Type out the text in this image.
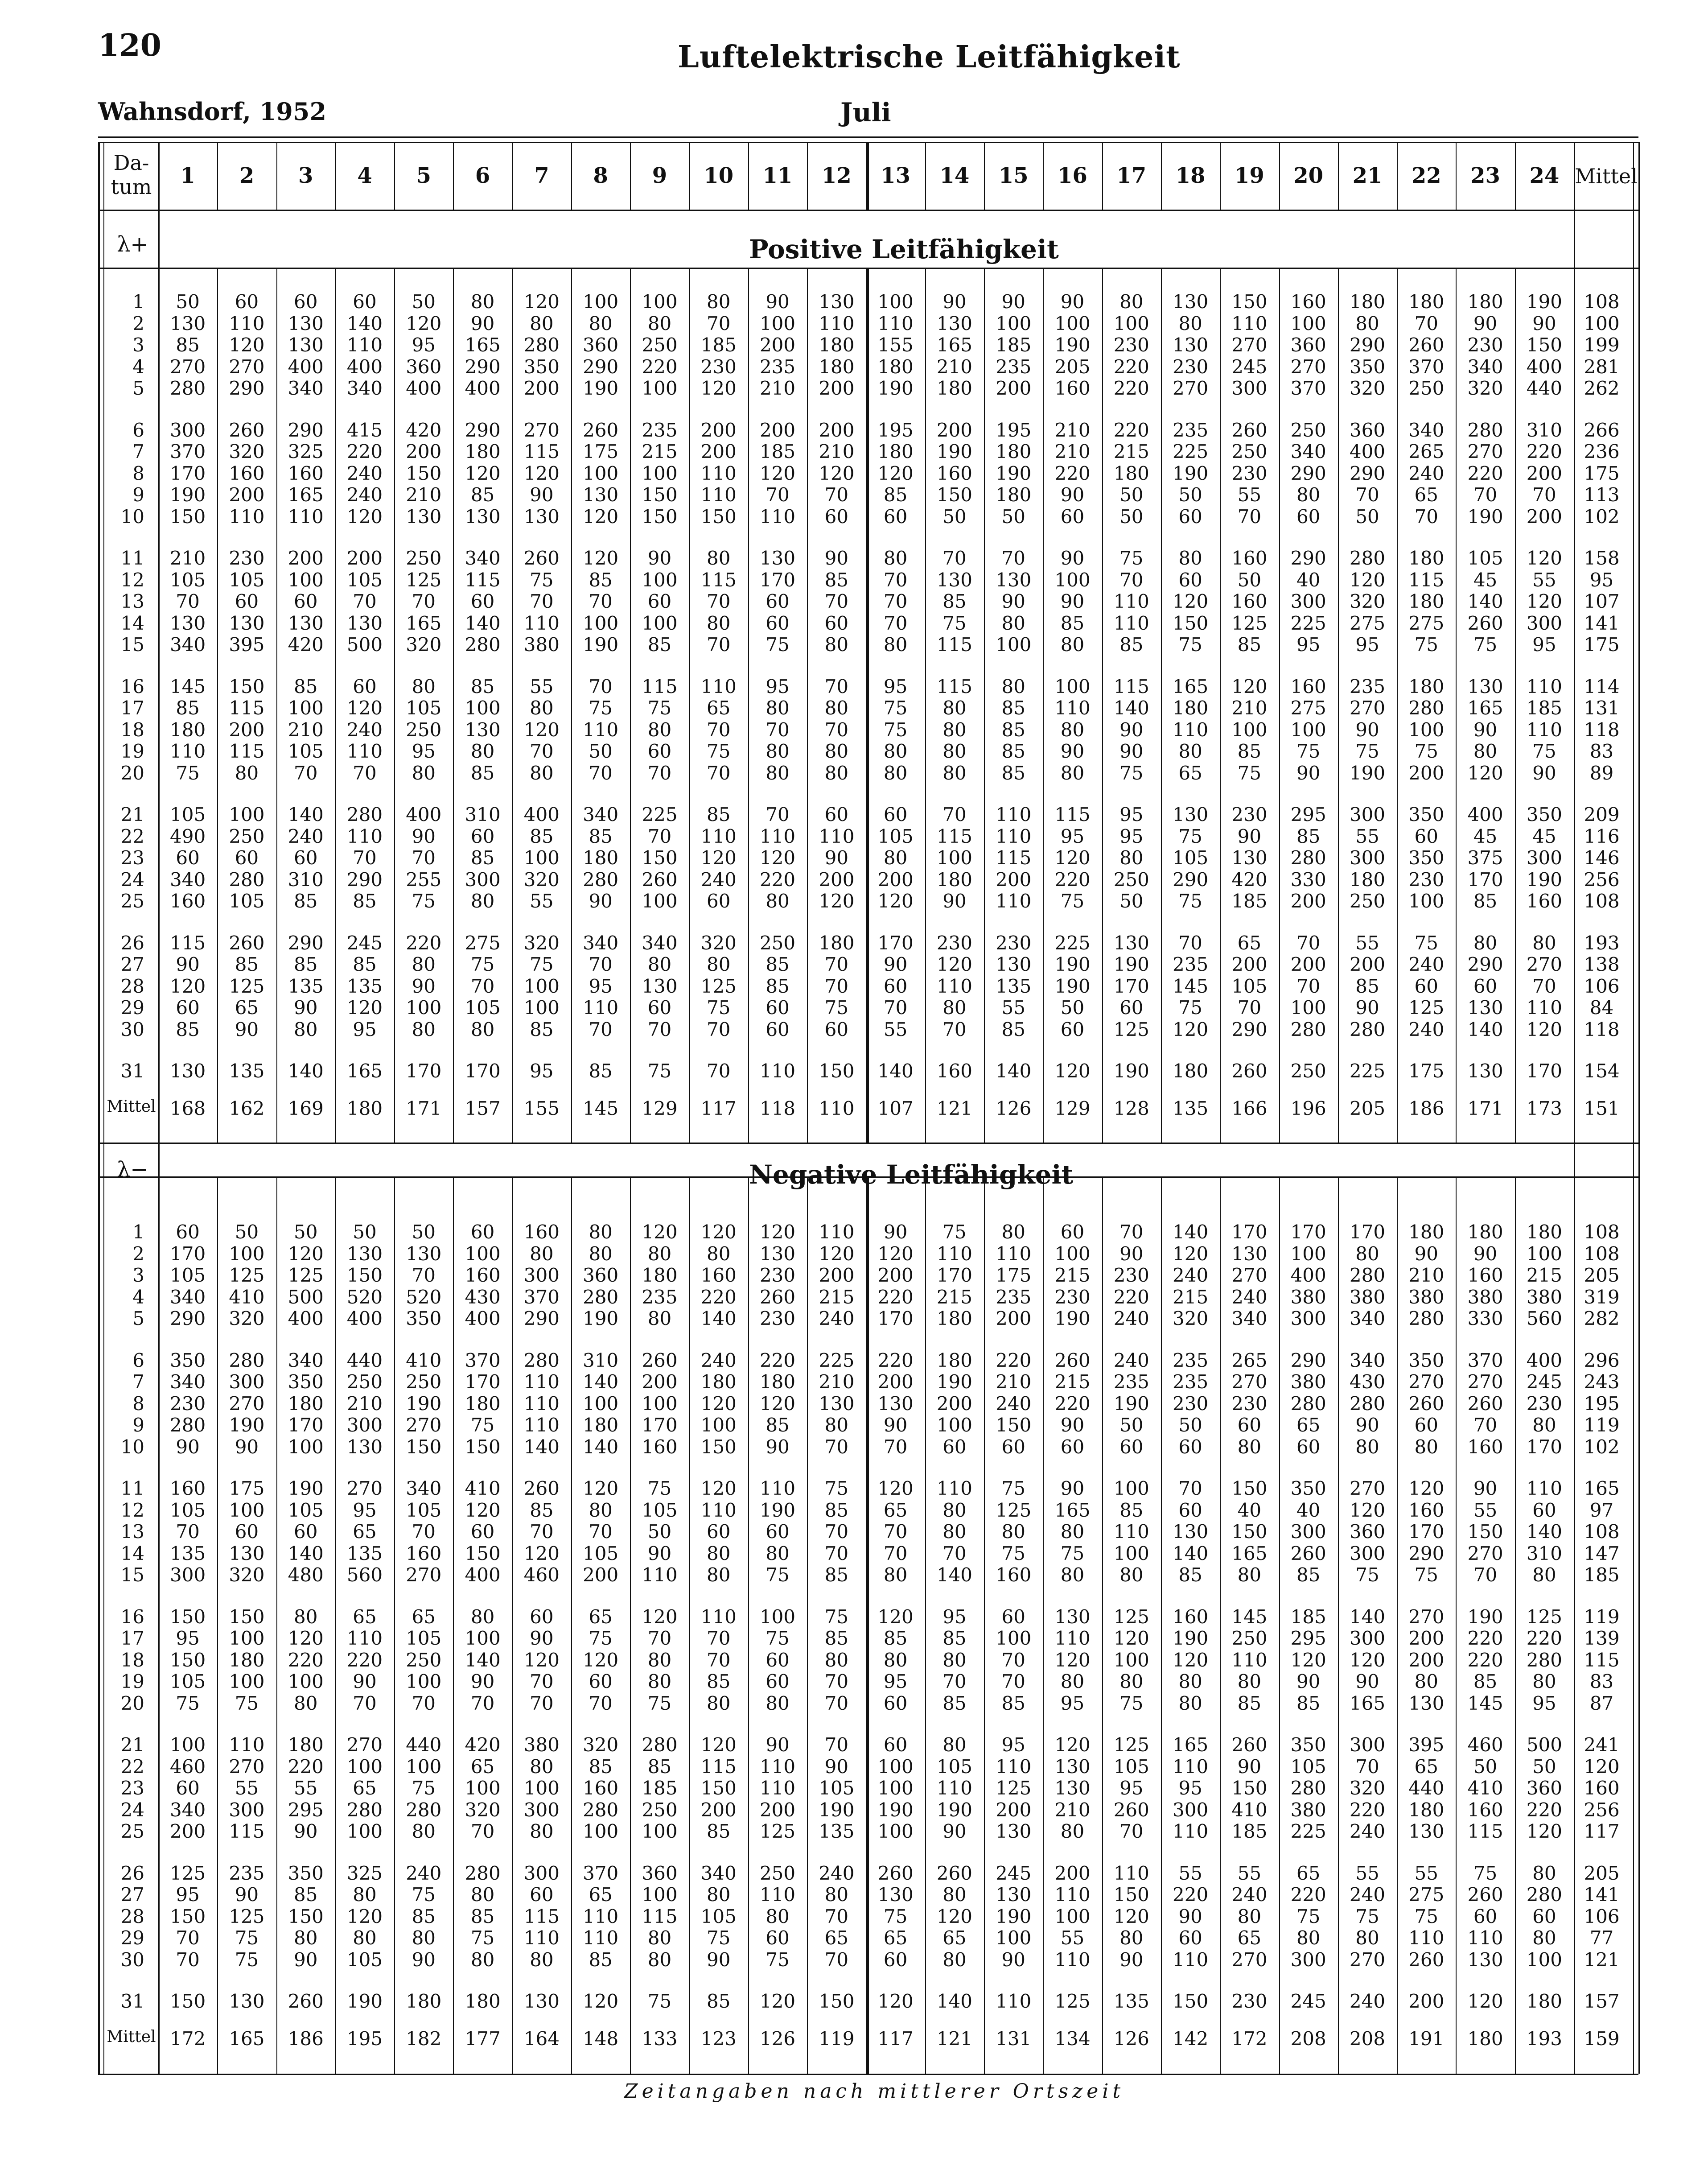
120	Luftelektrische Leitfähigkeit
Wahnsdorf, 1952	Juli
Da-
tum	1	2	3	4	5	6	7	8	9	10	11	12	13	14	15	16	17	18	19	20	21	22	23	24 Mittel
λ+	Positive Leitfähigkeit
1	50	60	60	60	50	80	120	100	100	80	90	130	100	90	90	90	80	130	150	160	180	180	180	190	108
2	130	110	130	140	120	90	80	80	80	70	100	110	110	130	100	100	100	80	110	100	80	70	90	90	100
3	85	120	130	110	95	165	280	360	250	185	200	180	155	165	185	190	230	130	270	360	290	260	230	150	199
4	270	270	400	400	360	290	350	290	220	230	235	180	180	210	235	205	220	230	245	270	350	370	340	400	281
5	280	290	340	340	400	400	200	190	100	120	210	200	190	180	200	160	220	270	300	370	320	250	320	440	262
6	300	260	290	415	420	290	270	260	235	200	200	200	195	200	195	210	220	235	260	250	360	340	280	310	266
7	370	320	325	220	200	180	115	175	215	200	185	210	180	190	180	210	215	225	250	340	400	265	270	220	236
8	170	160	160	240	150	120	120	100	100	110	120	120	120	160	190	220	180	190	230	290	290	240	220	200	175
9	190	200	165	240	210	85	90	130	150	110	70	70	85	150	180	90	50	50	55	80	70	65	70	70	113
10	150	110	110	120	130	130	130	120	150	150	110	60	60	50	50	60	50	60	70	60	50	70	190	200	102
11	210	230	200	200	250	340	260	120	90	80	130	90	80	70	70	90	75	80	160	290	280	180	105	120	158
12	105	105	100	105	125	115	75	85	100	115	170	85	70	130	130	100	70	60	50	40	120	115	45	55	95
13	70	60	60	70	70	60	70	70	60	70	60	70	70	85	90	90	110	120	160	300	320	180	140	120	107
14	130	130	130	130	165	140	110	100	100	80	60	60	70	75	80	85	110	150	125	225	275	275	260	300	141
15	340	395	420	500	320	280	380	190	85	70	75	80	80	115	100	80	85	75	85	95	95	75	75	95	175
16	145	150	85	60	80	85	55	70	115	110	95	70	95	115	80	100	115	165	120	160	235	180	130	110	114
17	85	115	100	120	105	100	80	75	75	65	80	80	75	80	85	110	140	180	210	275	270	280	165	185	131
18	180	200	210	240	250	130	120	110	80	70	70	70	75	80	85	80	90	110	100	100	90	100	90	110	118
19	110	115	105	110	95	80	70	50	60	75	80	80	80	80	85	90	90	80	85	75	75	75	80	75	83
20	75	80	70	70	80	85	80	70	70	70	80	80	80	80	85	80	75	65	75	90	190	200	120	90	89
21	105	100	140	280	400	310	400	340	225	85	70	60	60	70	110	115	95	130	230	295	300	350	400	350	209
22	490	250	240	110	90	60	85	85	70	110	110	110	105	115	110	95	95	75	90	85	55	60	45	45	116
23	60	60	60	70	70	85	100	180	150	120	120	90	80	100	115	120	80	105	130	280	300	350	375	300	146
24	340	280	310	290	255	300	320	280	260	240	220	200	200	180	200	220	250	290	420	330	180	230	170	190	256
25	160	105	85	85	75	80	55	90	100	60	80	120	120	90	110	75	50	75	185	200	250	100	85	160	108
26	115	260	290	245	220	275	320	340	340	320	250	180	170	230	230	225	130	70	65	70	55	75	80	80	193
27	90	85	85	85	80	75	75	70	80	80	85	70	90	120	130	190	190	235	200	200	200	240	290	270	138
28	120	125	135	135	90	70	100	95	130	125	85	70	60	110	135	190	170	145	105	70	85	60	60	70	106
29	60	65	90	120	100	105	100	110	60	75	60	75	70	80	55	50	60	75	70	100	90	125	130	110	84
30	85	90	80	95	80	80	85	70	70	70	60	60	55	70	85	60	125	120	290	280	280	240	140	120	118
31	130	135	140	165	170	170	95	85	75	70	110	150	140	160	140	120	190	180	260	250	225	175	130	170	154
Mittel 168	162	169	180	171	157	155	145	129	117	118	110	107	121	126	129	128	135	166	196	205	186	171	173	151
λ−	Negative Leitfähigkeit
1	60	50	50	50	50	60	160	80	120	120	120	110	90	75	80	60	70	140	170	170	170	180	180	180	108
2	170	100	120	130	130	100	80	80	80	80	130	120	120	110	110	100	90	120	130	100	80	90	90	100	108
3	105	125	125	150	70	160	300	360	180	160	230	200	200	170	175	215	230	240	270	400	280	210	160	215	205
4	340	410	500	520	520	430	370	280	235	220	260	215	220	215	235	230	220	215	240	380	380	380	380	380	319
5	290	320	400	400	350	400	290	190	80	140	230	240	170	180	200	190	240	320	340	300	340	280	330	560	282
6	350	280	340	440	410	370	280	310	260	240	220	225	220	180	220	260	240	235	265	290	340	350	370	400	296
7	340	300	350	250	250	170	110	140	200	180	180	210	200	190	210	215	235	235	270	380	430	270	270	245	243
8	230	270	180	210	190	180	110	100	100	120	120	130	130	200	240	220	190	230	230	280	280	260	260	230	195
9	280	190	170	300	270	75	110	180	170	100	85	80	90	100	150	90	50	50	60	65	90	60	70	80	119
10	90	90	100	130	150	150	140	140	160	150	90	70	70	60	60	60	60	60	80	60	80	80	160	170	102
11	160	175	190	270	340	410	260	120	75	120	110	75	120	110	75	90	100	70	150	350	270	120	90	110	165
12	105	100	105	95	105	120	85	80	105	110	190	85	65	80	125	165	85	60	40	40	120	160	55	60	97
13	70	60	60	65	70	60	70	70	50	60	60	70	70	80	80	80	110	130	150	300	360	170	150	140	108
14	135	130	140	135	160	150	120	105	90	80	80	70	70	70	75	75	100	140	165	260	300	290	270	310	147
15	300	320	480	560	270	400	460	200	110	80	75	85	80	140	160	80	80	85	80	85	75	75	70	80	185
16	150	150	80	65	65	80	60	65	120	110	100	75	120	95	60	130	125	160	145	185	140	270	190	125	119
17	95	100	120	110	105	100	90	75	70	70	75	85	85	85	100	110	120	190	250	295	300	200	220	220	139
18	150	180	220	220	250	140	120	120	80	70	60	80	80	80	70	120	100	120	110	120	120	200	220	280	115
19	105	100	100	90	100	90	70	60	80	85	60	70	95	70	70	80	80	80	80	90	90	80	85	80	83
20	75	75	80	70	70	70	70	70	75	80	80	70	60	85	85	95	75	80	85	85	165	130	145	95	87
21	100	110	180	270	440	420	380	320	280	120	90	70	60	80	95	120	125	165	260	350	300	395	460	500	241
22	460	270	220	100	100	65	80	85	85	115	110	90	100	105	110	130	105	110	90	105	70	65	50	50	120
23	60	55	55	65	75	100	100	160	185	150	110	105	100	110	125	130	95	95	150	280	320	440	410	360	160
24	340	300	295	280	280	320	300	280	250	200	200	190	190	190	200	210	260	300	410	380	220	180	160	220	256
25	200	115	90	100	80	70	80	100	100	85	125	135	100	90	130	80	70	110	185	225	240	130	115	120	117
26	125	235	350	325	240	280	300	370	360	340	250	240	260	260	245	200	110	55	55	65	55	55	75	80	205
27	95	90	85	80	75	80	60	65	100	80	110	80	130	80	130	110	150	220	240	220	240	275	260	280	141
28	150	125	150	120	85	85	115	110	115	105	80	70	75	120	190	100	120	90	80	75	75	75	60	60	106
29	70	75	80	80	80	75	110	110	80	75	60	65	65	65	100	55	80	60	65	80	80	110	110	80	77
30	70	75	90	105	90	80	80	85	80	90	75	70	60	80	90	110	90	110	270	300	270	260	130	100	121
31	150	130	260	190	180	180	130	120	75	85	120	150	120	140	110	125	135	150	230	245	240	200	120	180	157
Mittel 172	165	186	195	182	177	164	148	133	123	126	119	117	121	131	134	126	142	172	208	208	191	180	193	159
Zeitangaben nach mittlerer Ortszeit
